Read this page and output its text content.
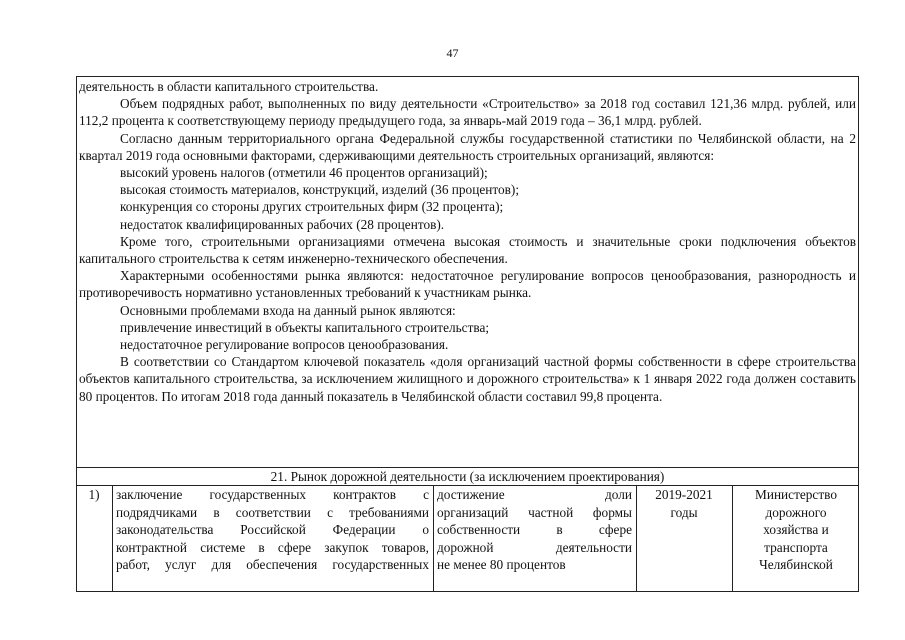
47

деятельность в области капитального строительства.

Объем подрядных работ, выполненных по виду деятельности «Строительство» за 2018 год составил 121,36 млрд. рублей, или 112,2 процента к соответствующему периоду предыдущего года, за январь-май 2019 года – 36,1 млрд. рублей.

Согласно данным территориального органа Федеральной службы государственной статистики по Челябинской области, на 2 квартал 2019 года основными факторами, сдерживающими деятельность строительных организаций, являются:

высокий уровень налогов (отметили 46 процентов организаций);

высокая стоимость материалов, конструкций, изделий (36 процентов);

конкуренция со стороны других строительных фирм (32 процента);

недостаток квалифицированных рабочих (28 процентов).

Кроме того, строительными организациями отмечена высокая стоимость и значительные сроки подключения объектов капитального строительства к сетям инженерно-технического обеспечения.

Характерными особенностями рынка являются: недостаточное регулирование вопросов ценообразования, разнородность и противоречивость нормативно установленных требований к участникам рынка.

Основными проблемами входа на данный рынок являются:

привлечение инвестиций в объекты капитального строительства;

недостаточное регулирование вопросов ценообразования.

В соответствии со Стандартом ключевой показатель «доля организаций частной формы собственности в сфере строительства объектов капитального строительства, за исключением жилищного и дорожного строительства» к 1 января 2022 года должен составить 80 процентов. По итогам 2018 года данный показатель в Челябинской области составил 99,8 процента.

21. Рынок дорожной деятельности (за исключением проектирования)
1)	заключение государственных контрактов с

подрядчиками в соответствии с требованиями

законодательства Российской Федерации о

контрактной системе в сфере закупок товаров,

работ, услуг для обеспечения государственных

достижение доли

организаций частной формы

собственности в сфере

дорожной деятельности

не менее 80 процентов

2019-2021 годы
Министерство дорожного хозяйства и транспорта Челябинской
